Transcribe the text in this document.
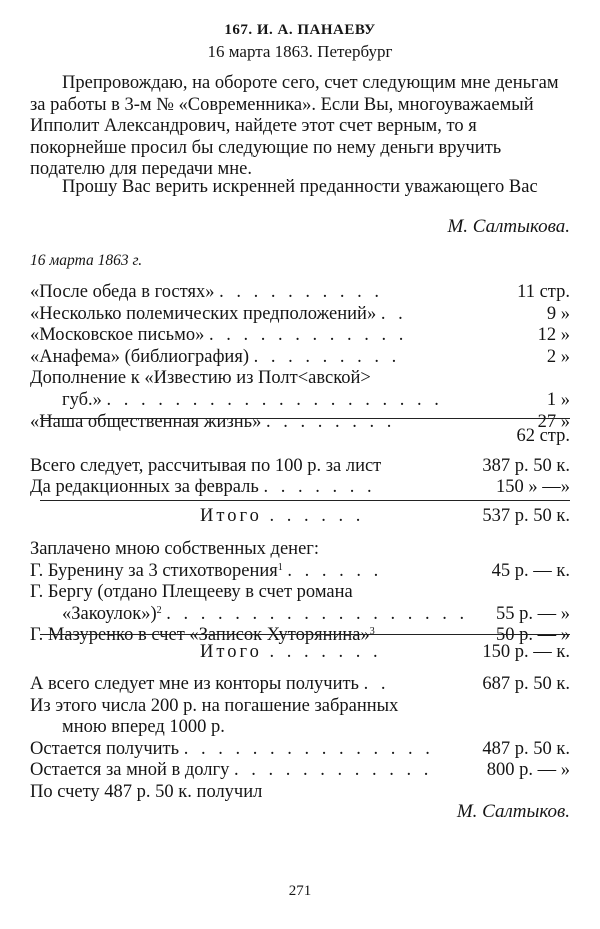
167. И. А. ПАНАЕВУ
16 марта 1863. Петербург
Препровождаю, на обороте сего, счет следующим мне деньгам за работы в 3-м № «Современника». Если Вы, многоуважаемый Ипполит Александрович, найдете этот счет верным, то я покорнейше просил бы следующие по нему деньги вручить подателю для передачи мне.
Прошу Вас верить искренней преданности уважающего Вас
М. Салтыкова.
16 марта 1863 г.
«После обеда в гостях» . . . . . . . . . .	11 стр.
«Несколько полемических предположений» . .	9 »
«Московское письмо» . . . . . . . . . . . .	12 »
«Анафема» (библиография) . . . . . . . . .	2 »
Дополнение к «Известию из Полт<авской>
губ.» . . . . . . . . . . . . . . . . . . . .	1 »
«Наша общественная жизнь» . . . . . . . .	27 »
62 стр.
Всего следует, рассчитывая по 100 р. за лист	387 р. 50 к.
Да редакционных за февраль . . . . . . .	150 » —»
Итого . . . . . .	537 р. 50 к.
Заплачено мною собственных денег:
Г. Буренину за 3 стихотворения$^1$ . . . . . .	45 р. — к.
Г. Бергу (отдано Плещееву в счет романа
«Закоулок»)$^2$ . . . . . . . . . . . . . . . . . . 55 р. — »
Г. Мазуренко в счет «Записок Хуторянина»$^3$	50 р. — »
Итого . . . . . . .	150 р. — к.
А всего следует мне из конторы получить . .	687 р. 50 к.
Из этого числа 200 р. на погашение забранных
мною вперед 1000 р.
Остается получить . . . . . . . . . . . . . . .	487 р. 50 к.
Остается за мной в долгу . . . . . . . . . . . .	800 р. — »
По счету 487 р. 50 к. получил
М. Салтыков.
271
